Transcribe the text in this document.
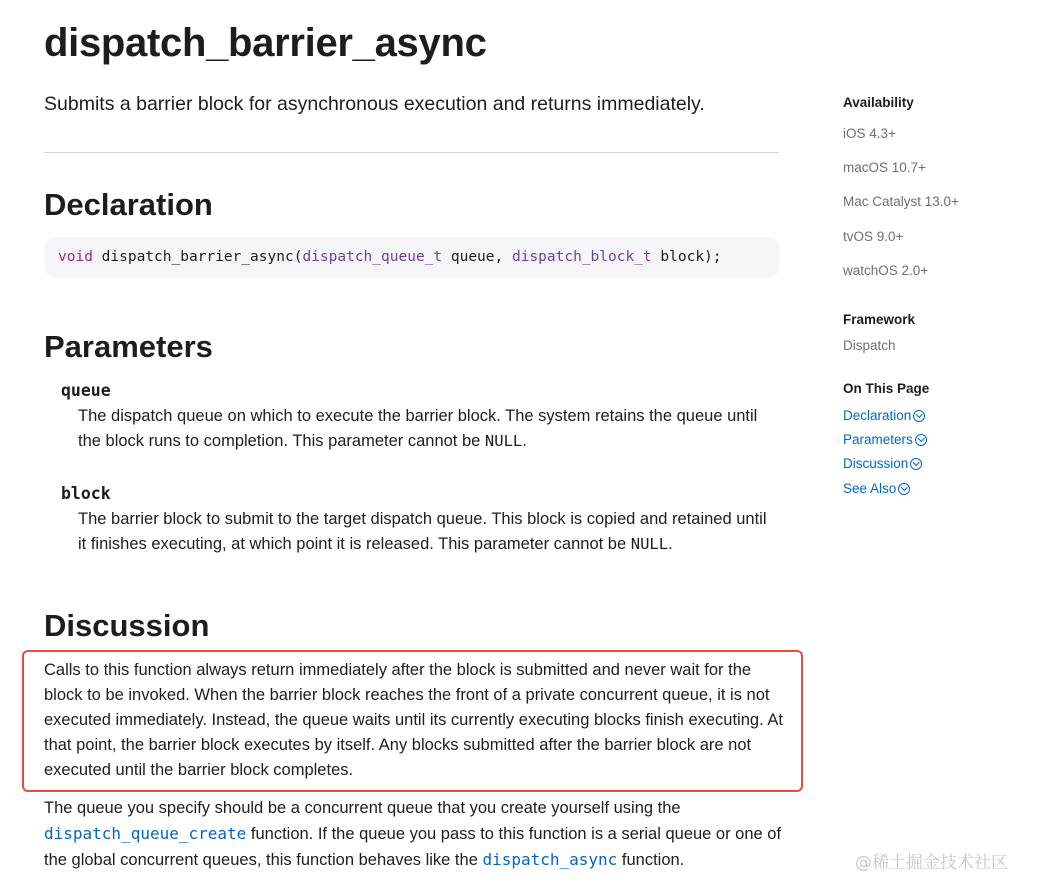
dispatch_barrier_async

Submits a barrier block for asynchronous execution and returns immediately.

Declaration
void dispatch_barrier_async(dispatch_queue_t queue, dispatch_block_t block);
Parameters
queue

The dispatch queue on which to execute the barrier block. The system retains the queue until the block runs to completion. This parameter cannot be NULL.

block

The barrier block to submit to the target dispatch queue. This block is copied and retained until it finishes executing, at which point it is released. This parameter cannot be NULL.

Discussion

Calls to this function always return immediately after the block is submitted and never wait for the block to be invoked. When the barrier block reaches the front of a private concurrent queue, it is not executed immediately. Instead, the queue waits until its currently executing blocks finish executing. At that point, the barrier block executes by itself. Any blocks submitted after the barrier block are not executed until the barrier block completes.

The queue you specify should be a concurrent queue that you create yourself using the dispatch_queue_create function. If the queue you pass to this function is a serial queue or one of the global concurrent queues, this function behaves like the dispatch_async function.

Availability
iOS 4.3+
macOS 10.7+
Mac Catalyst 13.0+
tvOS 9.0+
watchOS 2.0+
Framework
Dispatch
On This Page
Declaration
Parameters
Discussion
See Also
@稀土掘金技术社区
